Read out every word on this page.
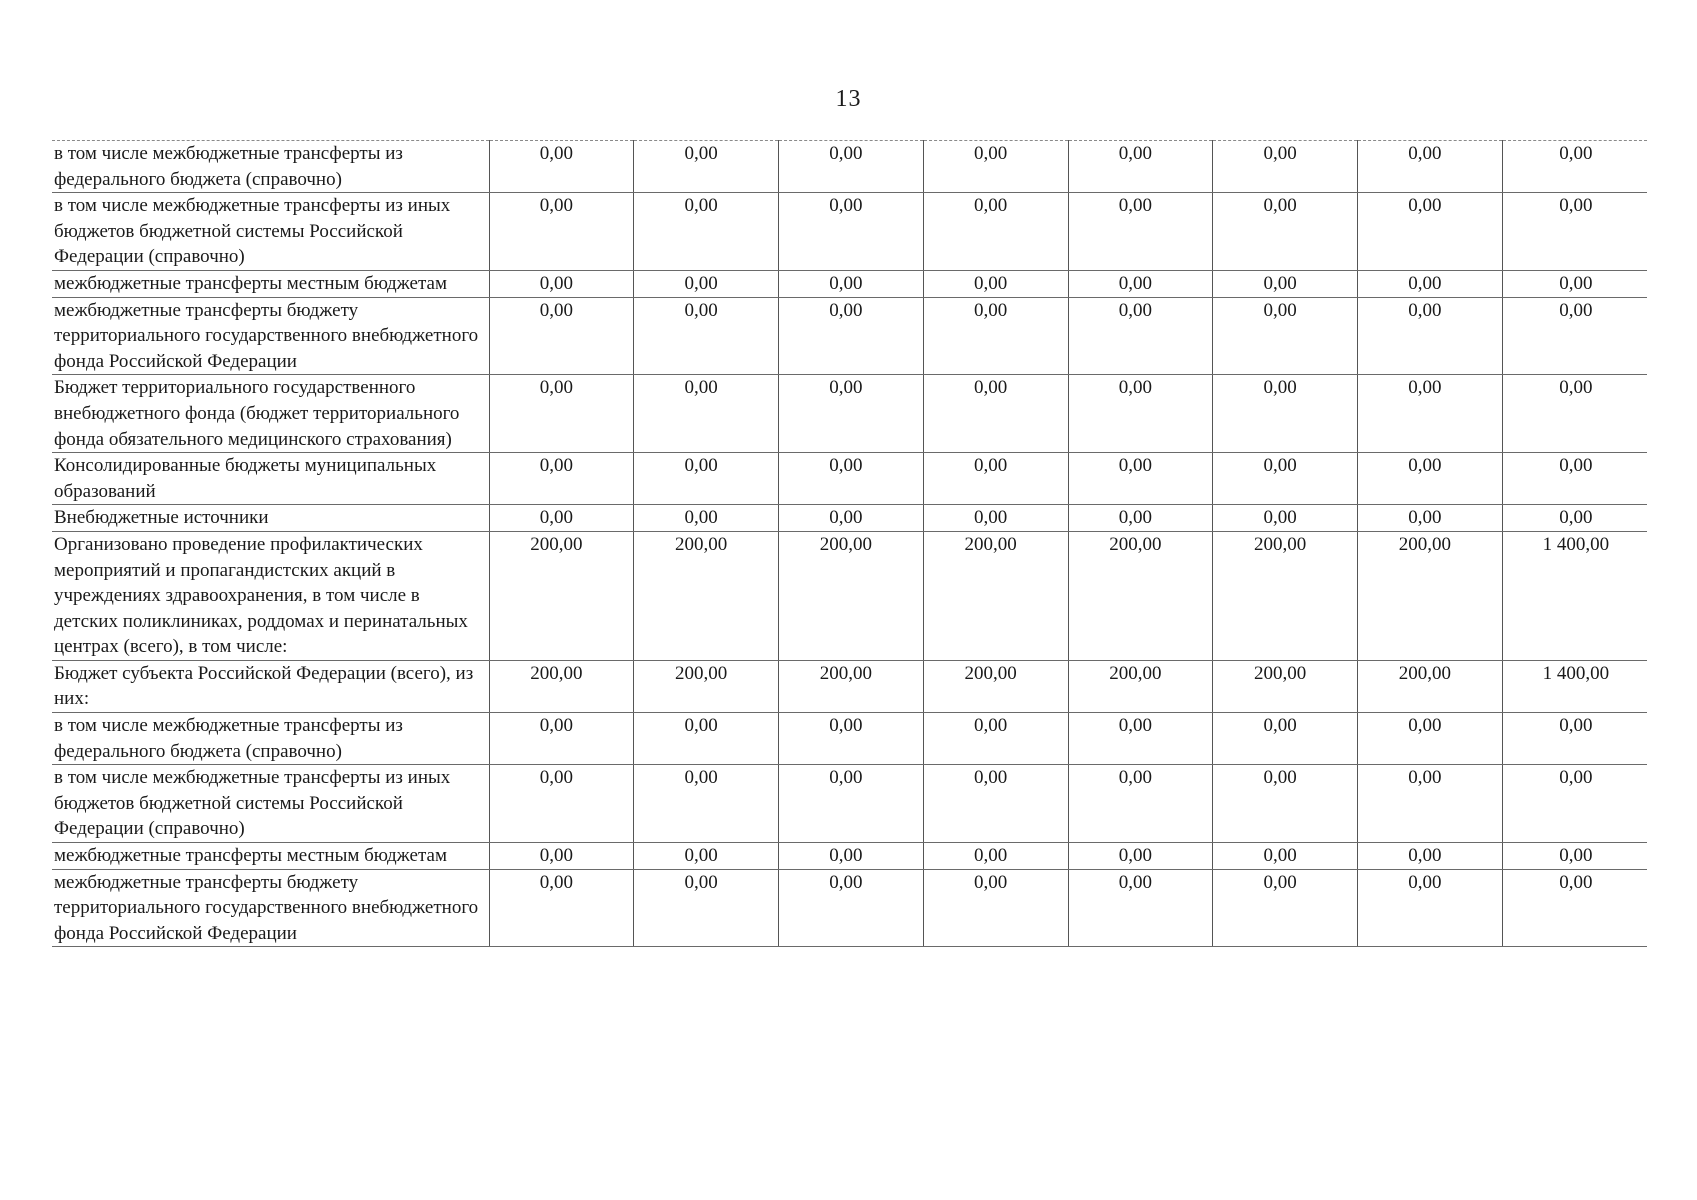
13
в том числе межбюджетные трансферты из федерального бюджета (справочно)	0,00	0,00	0,00	0,00	0,00	0,00	0,00	0,00
в том числе межбюджетные трансферты из иных бюджетов бюджетной системы Российской Федерации (справочно)	0,00	0,00	0,00	0,00	0,00	0,00	0,00	0,00
межбюджетные трансферты местным бюджетам	0,00	0,00	0,00	0,00	0,00	0,00	0,00	0,00
межбюджетные трансферты бюджету территориального государственного внебюджетного фонда Российской Федерации	0,00	0,00	0,00	0,00	0,00	0,00	0,00	0,00
Бюджет территориального государственного внебюджетного фонда (бюджет территориального фонда обязательного медицинского страхования)	0,00	0,00	0,00	0,00	0,00	0,00	0,00	0,00
Консолидированные бюджеты муниципальных образований	0,00	0,00	0,00	0,00	0,00	0,00	0,00	0,00
Внебюджетные источники	0,00	0,00	0,00	0,00	0,00	0,00	0,00	0,00
Организовано проведение профилактических мероприятий и пропагандистских акций в учреждениях здравоохранения, в том числе в детских поликлиниках, роддомах и перинатальных центрах (всего), в том числе:	200,00	200,00	200,00	200,00	200,00	200,00	200,00	1 400,00
Бюджет субъекта Российской Федерации (всего), из них:	200,00	200,00	200,00	200,00	200,00	200,00	200,00	1 400,00
в том числе межбюджетные трансферты из федерального бюджета (справочно)	0,00	0,00	0,00	0,00	0,00	0,00	0,00	0,00
в том числе межбюджетные трансферты из иных бюджетов бюджетной системы Российской Федерации (справочно)	0,00	0,00	0,00	0,00	0,00	0,00	0,00	0,00
межбюджетные трансферты местным бюджетам	0,00	0,00	0,00	0,00	0,00	0,00	0,00	0,00
межбюджетные трансферты бюджету территориального государственного внебюджетного фонда Российской Федерации	0,00	0,00	0,00	0,00	0,00	0,00	0,00	0,00
